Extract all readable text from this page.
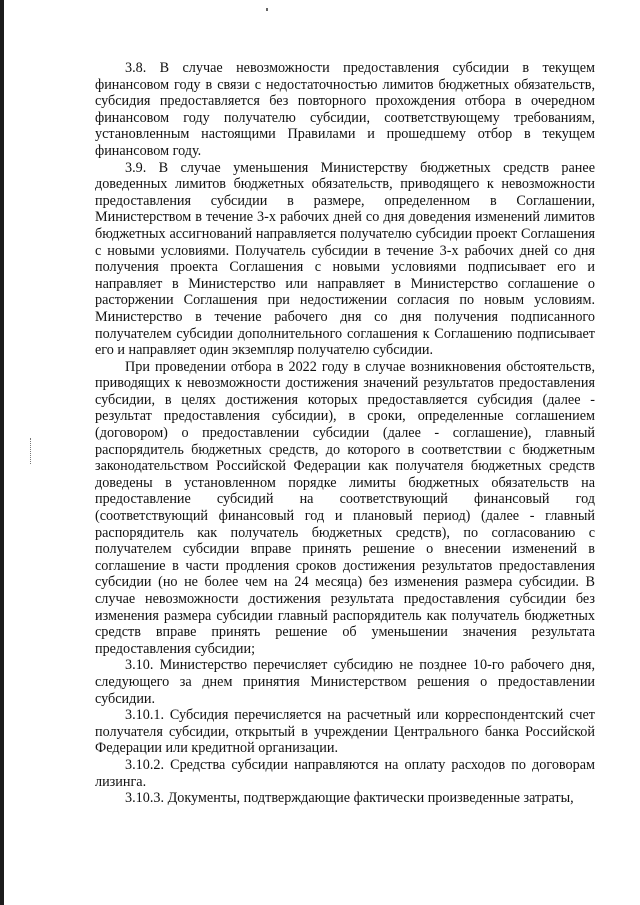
3.8. В случае невозможности предоставления субсидии в текущем финансовом году в связи с недостаточностью лимитов бюджетных обязательств, субсидия предоставляется без повторного прохождения отбора в очередном финансовом году получателю субсидии, соответствующему требованиям, установленным настоящими Правилами и прошедшему отбор в текущем финансовом году.

3.9. В случае уменьшения Министерству бюджетных средств ранее доведенных лимитов бюджетных обязательств, приводящего к невозможности предоставления субсидии в размере, определенном в Соглашении, Министерством в течение 3-х рабочих дней со дня доведения изменений лимитов бюджетных ассигнований направляется получателю субсидии проект Соглашения с новыми условиями. Получатель субсидии в течение 3-х рабочих дней со дня получения проекта Соглашения с новыми условиями подписывает его и направляет в Министерство или направляет в Министерство соглашение о расторжении Соглашения при недостижении согласия по новым условиям. Министерство в течение рабочего дня со дня получения подписанного получателем субсидии дополнительного соглашения к Соглашению подписывает его и направляет один экземпляр получателю субсидии.

При проведении отбора в 2022 году в случае возникновения обстоятельств, приводящих к невозможности достижения значений результатов предоставления субсидии, в целях достижения которых предоставляется субсидия (далее - результат предоставления субсидии), в сроки, определенные соглашением (договором) о предоставлении субсидии (далее - соглашение), главный распорядитель бюджетных средств, до которого в соответствии с бюджетным законодательством Российской Федерации как получателя бюджетных средств доведены в установленном порядке лимиты бюджетных обязательств на предоставление субсидий на соответствующий финансовый год (соответствующий финансовый год и плановый период) (далее - главный распорядитель как получатель бюджетных средств), по согласованию с получателем субсидии вправе принять решение о внесении изменений в соглашение в части продления сроков достижения результатов предоставления субсидии (но не более чем на 24 месяца) без изменения размера субсидии. В случае невозможности достижения результата предоставления субсидии без изменения размера субсидии главный распорядитель как получатель бюджетных средств вправе принять решение об уменьшении значения результата предоставления субсидии;

3.10. Министерство перечисляет субсидию не позднее 10-го рабочего дня, следующего за днем принятия Министерством решения о предоставлении субсидии.

3.10.1. Субсидия перечисляется на расчетный или корреспондентский счет получателя субсидии, открытый в учреждении Центрального банка Российской Федерации или кредитной организации.

3.10.2. Средства субсидии направляются на оплату расходов по договорам лизинга.

3.10.3. Документы, подтверждающие фактически произведенные затраты,
